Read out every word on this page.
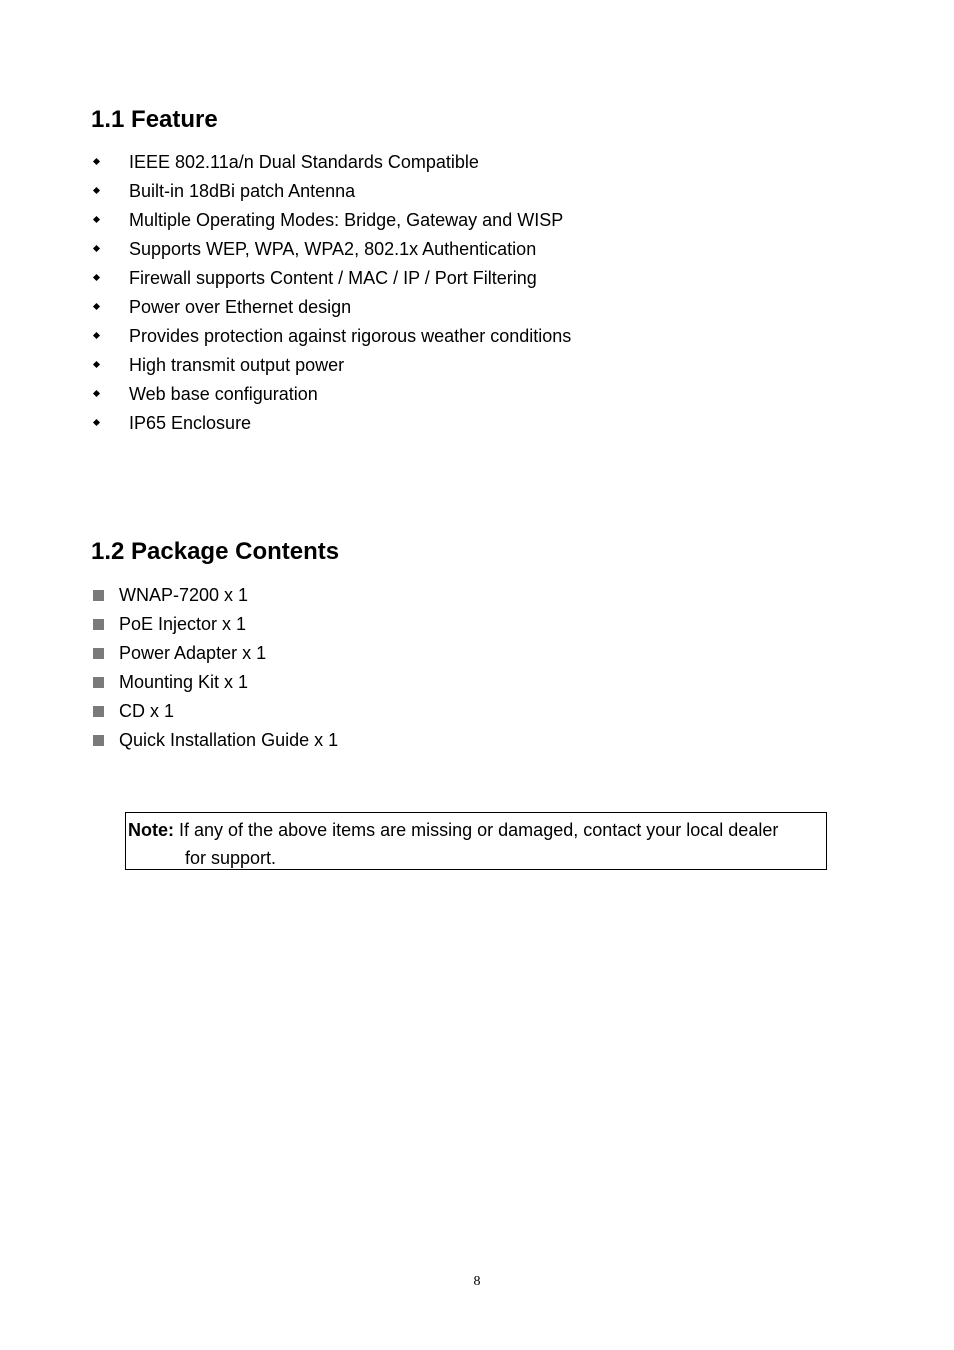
1.1 Feature
IEEE 802.11a/n Dual Standards Compatible
Built-in 18dBi patch Antenna
Multiple Operating Modes: Bridge, Gateway and WISP
Supports WEP, WPA, WPA2, 802.1x Authentication
Firewall supports Content / MAC / IP / Port Filtering
Power over Ethernet design
Provides protection against rigorous weather conditions
High transmit output power
Web base configuration
IP65 Enclosure
1.2 Package Contents
WNAP-7200 x 1
PoE Injector x 1
Power Adapter x 1
Mounting Kit x 1
CD x 1
Quick Installation Guide x 1
Note: If any of the above items are missing or damaged, contact your local dealer
for support.
8
